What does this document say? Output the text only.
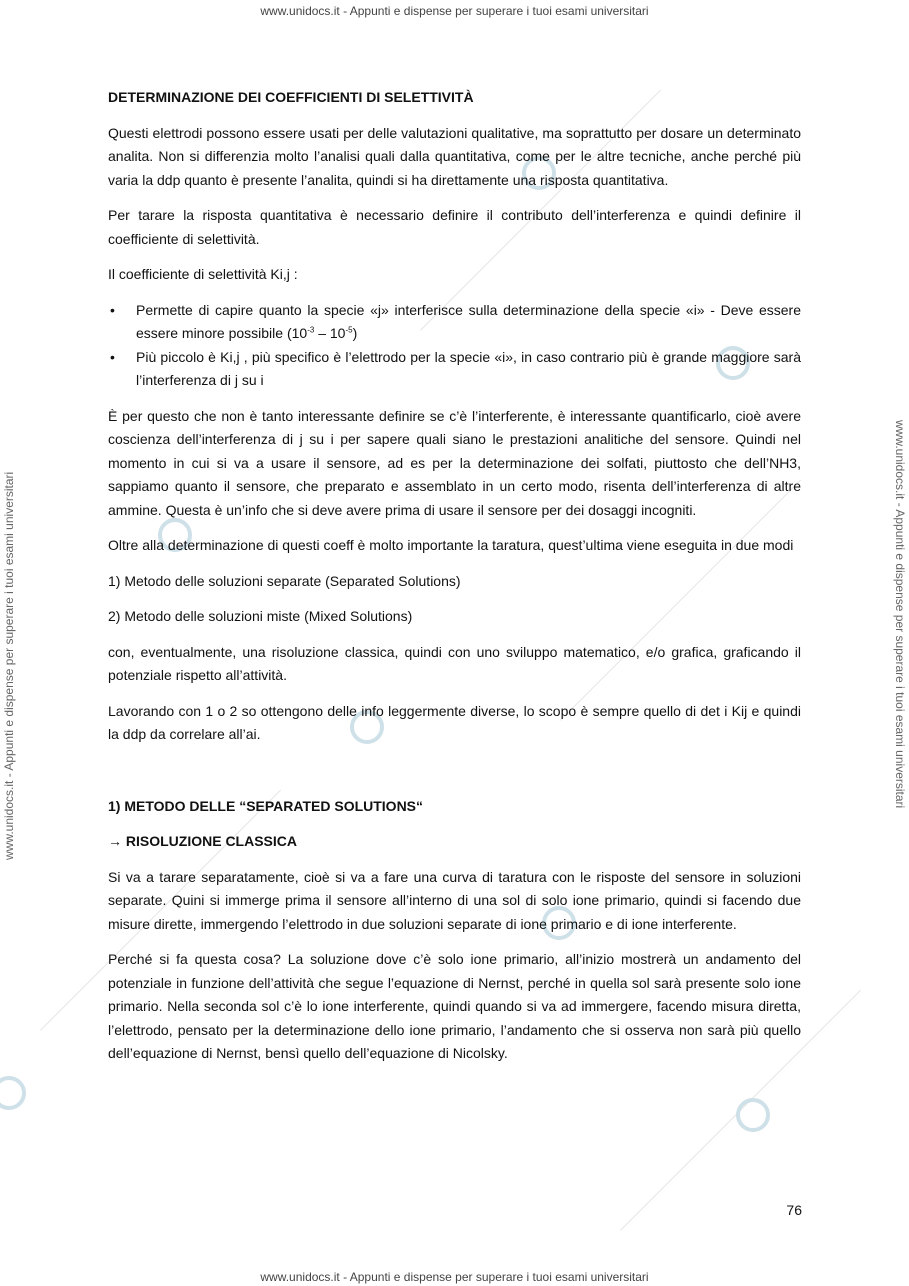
www.unidocs.it - Appunti e dispense per superare i tuoi esami universitari
www.unidocs.it - Appunti e dispense per superare i tuoi esami universitari	www.unidocs.it - Appunti e dispense per superare i tuoi esami universitari
DETERMINAZIONE DEI COEFFICIENTI DI SELETTIVITÀ

Questi elettrodi possono essere usati per delle valutazioni qualitative, ma soprattutto per dosare un determinato analita. Non si differenzia molto l’analisi quali dalla quantitativa, come per le altre tecniche, anche perché più varia la ddp quanto è presente l’analita, quindi si ha direttamente una risposta quantitativa.

Per tarare la risposta quantitativa è necessario definire il contributo dell’interferenza e quindi definire il coefficiente di selettività.

Il coefficiente di selettività Ki,j :

• Permette di capire quanto la specie «j» interferisce sulla determinazione della specie «i» - Deve essere essere minore possibile $(10^{-3} - 10^{-5})$
• Più piccolo è Ki,j , più specifico è l’elettrodo per la specie «i», in caso contrario più è grande maggiore sarà l’interferenza di j su i

È per questo che non è tanto interessante definire se c’è l’interferente, è interessante quantificarlo, cioè avere coscienza dell’interferenza di j su i per sapere quali siano le prestazioni analitiche del sensore. Quindi nel momento in cui si va a usare il sensore, ad es per la determinazione dei solfati, piuttosto che dell’NH3, sappiamo quanto il sensore, che preparato e assemblato in un certo modo, risenta dell’interferenza di altre ammine. Questa è un’info che si deve avere prima di usare il sensore per dei dosaggi incogniti.

Oltre alla determinazione di questi coeff è molto importante la taratura, quest’ultima viene eseguita in due modi

1) Metodo delle soluzioni separate (Separated Solutions)

2) Metodo delle soluzioni miste (Mixed Solutions)

con, eventualmente, una risoluzione classica, quindi con uno sviluppo matematico, e/o grafica, graficando il potenziale rispetto all’attività.

Lavorando con 1 o 2 so ottengono delle info leggermente diverse, lo scopo è sempre quello di det i Kij e quindi la ddp da correlare all’ai.

1) METODO DELLE “SEPARATED SOLUTIONS“
→ RISOLUZIONE CLASSICA

Si va a tarare separatamente, cioè si va a fare una curva di taratura con le risposte del sensore in soluzioni separate. Quini si immerge prima il sensore all’interno di una sol di solo ione primario, quindi si facendo due misure dirette, immergendo l’elettrodo in due soluzioni separate di ione primario e di ione interferente.

Perché si fa questa cosa? La soluzione dove c’è solo ione primario, all’inizio mostrerà un andamento del potenziale in funzione dell’attività che segue l’equazione di Nernst, perché in quella sol sarà presente solo ione primario. Nella seconda sol c’è lo ione interferente, quindi quando si va ad immergere, facendo misura diretta, l’elettrodo, pensato per la determinazione dello ione primario, l’andamento che si osserva non sarà più quello dell’equazione di Nernst, bensì quello dell’equazione di Nicolsky.

76
www.unidocs.it - Appunti e dispense per superare i tuoi esami universitari
